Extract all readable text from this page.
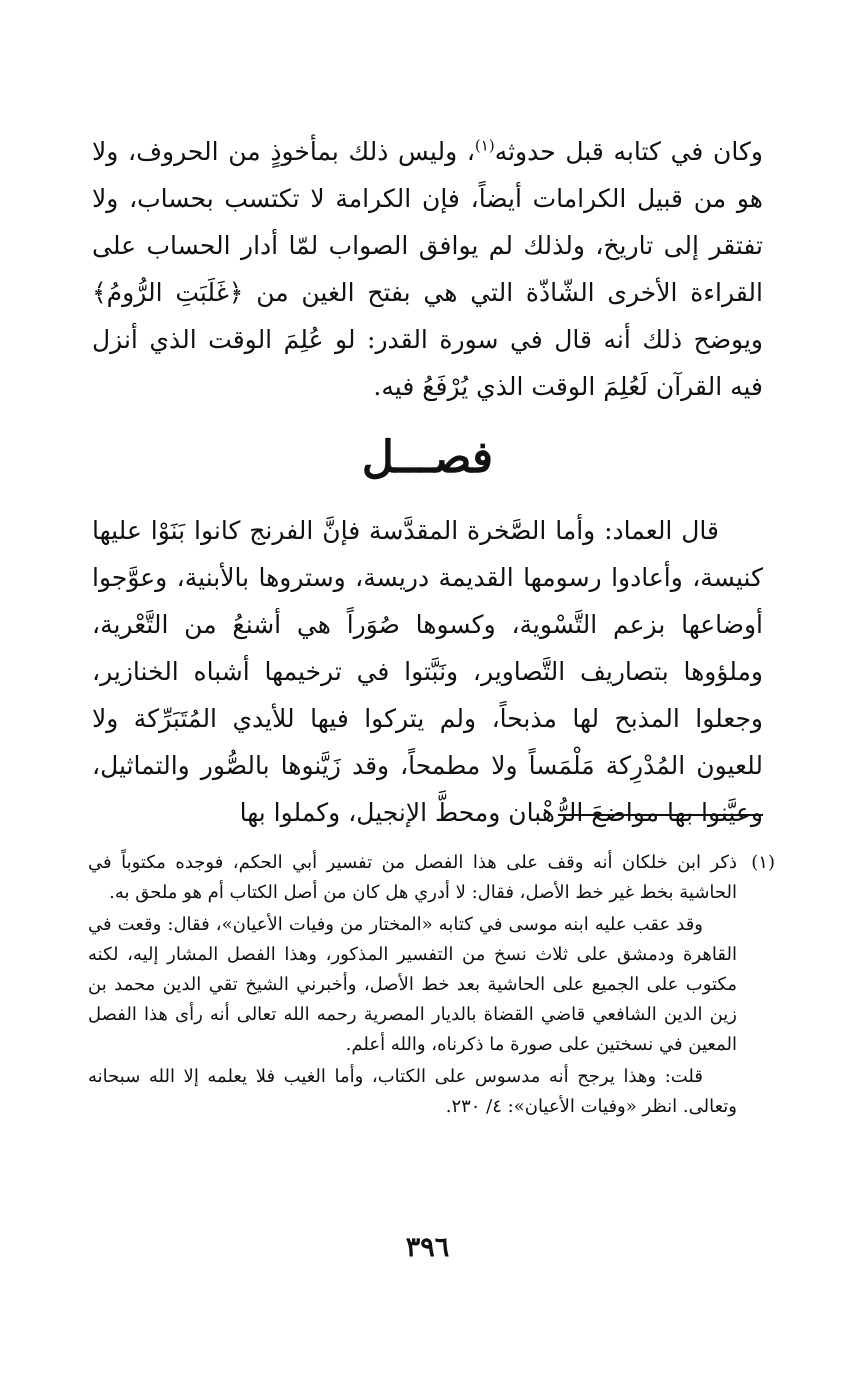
وكان في كتابه قبل حدوثه$^{(١)}$، وليس ذلك بمأخوذٍ من الحروف، ولا هو من قبيل الكرامات أيضاً، فإن الكرامة لا تكتسب بحساب، ولا تفتقر إلى تاريخ، ولذلك لم يوافق الصواب لمّا أدار الحساب على القراءة الأخرى الشّاذّة التي هي بفتح الغين من ﴿غَلَبَتِ الرُّومُ﴾ ويوضح ذلك أنه قال في سورة القدر: لو عُلِمَ الوقت الذي أنزل فيه القرآن لَعُلِمَ الوقت الذي يُرْفَعُ فيه.

فصـــل

قال العماد: وأما الصَّخرة المقدَّسة فإنَّ الفرنج كانوا بَنَوْا عليها كنيسة، وأعادوا رسومها القديمة دريسة، وستروها بالأبنية، وعوَّجوا أوضاعها بزعم التَّسْوية، وكسوها صُوَراً هي أشنعُ من التَّعْرية، وملؤوها بتصاريف التَّصاوير، ونَبَّتوا في ترخيمها أشباه الخنازير، وجعلوا المذبح لها مذبحاً، ولم يتركوا فيها للأيدي المُتَبَرِّكة ولا للعيون المُدْرِكة مَلْمَساً ولا مطمحاً، وقد زَيَّنوها بالصُّور والتماثيل، وعيَّنوا بها مواضعَ الرُّهْبان ومحطَّ الإنجيل، وكملوا بها

(١)
ذكر ابن خلكان أنه وقف على هذا الفصل من تفسير أبي الحكم، فوجده مكتوباً في الحاشية بخط غير خط الأصل، فقال: لا أدري هل كان من أصل الكتاب أم هو ملحق به.
وقد عقب عليه ابنه موسى في كتابه «المختار من وفيات الأعيان»، فقال: وقعت في القاهرة ودمشق على ثلاث نسخ من التفسير المذكور، وهذا الفصل المشار إليه، لكنه مكتوب على الجميع على الحاشية بعد خط الأصل، وأخبرني الشيخ تقي الدين محمد بن زين الدين الشافعي قاضي القضاة بالديار المصرية رحمه الله تعالى أنه رأى هذا الفصل المعين في نسختين على صورة ما ذكرناه، والله أعلم.
قلت: وهذا يرجح أنه مدسوس على الكتاب، وأما الغيب فلا يعلمه إلا الله سبحانه وتعالى. انظر «وفيات الأعيان»: ٤/ ٢٣٠.
٣٩٦
